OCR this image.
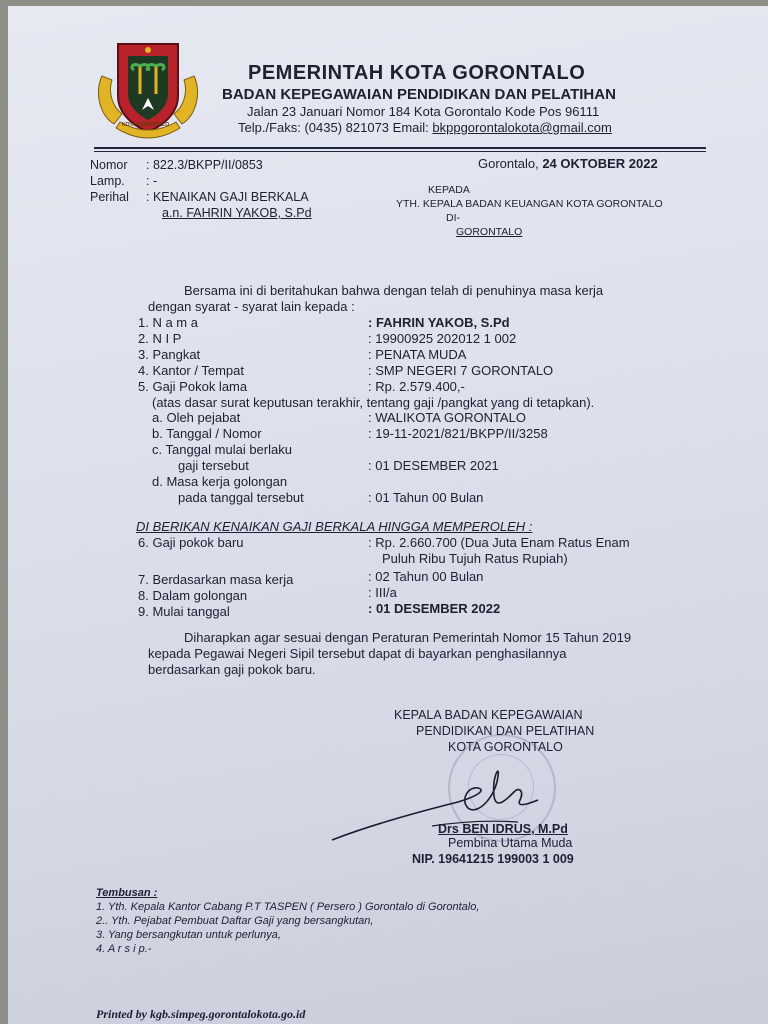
KOTA GORONTALO
PEMERINTAH KOTA GORONTALO
BADAN KEPEGAWAIAN PENDIDIKAN DAN PELATIHAN
Jalan 23 Januari Nomor 184 Kota Gorontalo Kode Pos 96111
Telp./Faks: (0435) 821073 Email: bkppgorontalokota@gmail.com
Nomor : 822.3/BKPP/II/0853
Lamp. : -
Perihal : KENAIKAN GAJI BERKALA
a.n. FAHRIN YAKOB, S.Pd
Gorontalo, 24 OKTOBER 2022
KEPADA
YTH. KEPALA BADAN KEUANGAN KOTA GORONTALO
DI-
GORONTALO
Bersama ini di beritahukan bahwa dengan telah di penuhinya masa kerja
dengan syarat - syarat lain kepada :
1. N a m a	: FAHRIN YAKOB, S.Pd
2. N I P	: 19900925 202012 1 002
3. Pangkat	: PENATA MUDA
4. Kantor / Tempat	: SMP NEGERI 7 GORONTALO
5. Gaji Pokok lama	: Rp. 2.579.400,-
(atas dasar surat keputusan terakhir, tentang gaji /pangkat yang di tetapkan).
a. Oleh pejabat	: WALIKOTA GORONTALO
b. Tanggal / Nomor	: 19-11-2021/821/BKPP/II/3258
c. Tanggal mulai berlaku
gaji tersebut	: 01 DESEMBER 2021
d. Masa kerja golongan
pada tanggal tersebut	: 01 Tahun 00 Bulan
DI BERIKAN KENAIKAN GAJI BERKALA HINGGA MEMPEROLEH :
6. Gaji pokok baru	: Rp. 2.660.700 (Dua Juta Enam Ratus Enam
Puluh Ribu Tujuh Ratus Rupiah)
7. Berdasarkan masa kerja	: 02 Tahun 00 Bulan
8. Dalam golongan	: III/a
9. Mulai tanggal	: 01 DESEMBER 2022
Diharapkan agar sesuai dengan Peraturan Pemerintah Nomor 15 Tahun 2019
kepada Pegawai Negeri Sipil tersebut dapat di bayarkan penghasilannya
berdasarkan gaji pokok baru.
KEPALA BADAN KEPEGAWAIAN
PENDIDIKAN DAN PELATIHAN
KOTA GORONTALO
Drs BEN IDRUS, M.Pd
Pembina Utama Muda
NIP. 19641215 199003 1 009
Tembusan :
1. Yth. Kepala Kantor Cabang P.T TASPEN ( Persero ) Gorontalo di Gorontalo,
2.. Yth. Pejabat Pembuat Daftar Gaji yang bersangkutan,
3. Yang bersangkutan untuk perlunya,
4. A r s i p.-
Printed by kgb.simpeg.gorontalokota.go.id
